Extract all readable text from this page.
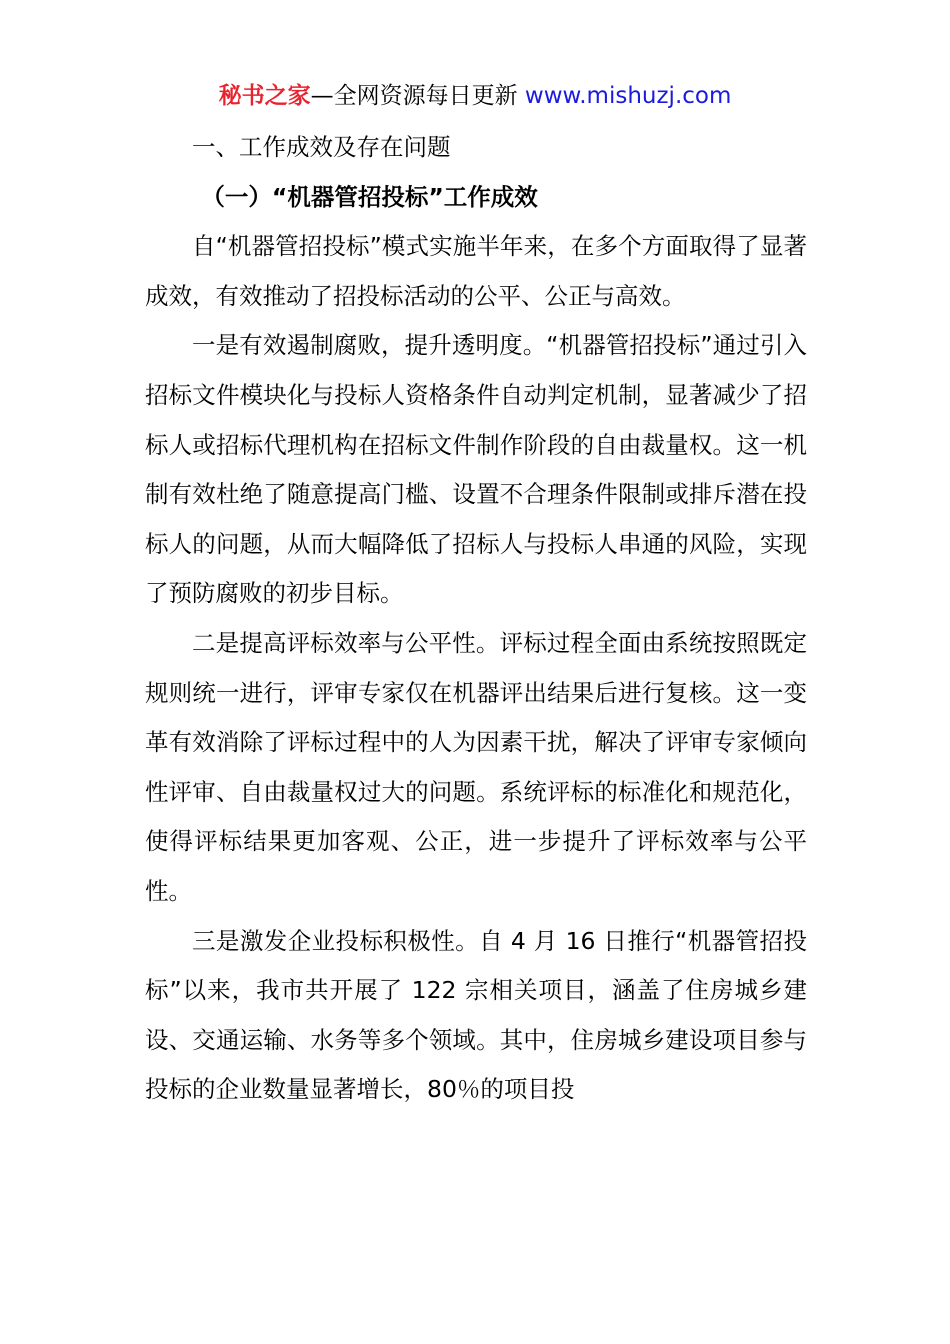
秘书之家—全网资源每日更新 www.mishuzj.com

一、工作成效及存在问题

（一）“机器管招投标”工作成效

自“机器管招投标”模式实施半年来，在多个方面取得了显著成效，有效推动了招投标活动的公平、公正与高效。

一是有效遏制腐败，提升透明度。“机器管招投标”通过引入招标文件模块化与投标人资格条件自动判定机制，显著减少了招标人或招标代理机构在招标文件制作阶段的自由裁量权。这一机制有效杜绝了随意提高门槛、设置不合理条件限制或排斥潜在投标人的问题，从而大幅降低了招标人与投标人串通的风险，实现了预防腐败的初步目标。

二是提高评标效率与公平性。评标过程全面由系统按照既定规则统一进行，评审专家仅在机器评出结果后进行复核。这一变革有效消除了评标过程中的人为因素干扰，解决了评审专家倾向性评审、自由裁量权过大的问题。系统评标的标准化和规范化，使得评标结果更加客观、公正，进一步提升了评标效率与公平性。

三是激发企业投标积极性。自 4 月 16 日推行“机器管招投标”以来，我市共开展了 122 宗相关项目，涵盖了住房城乡建设、交通运输、水务等多个领域。其中，住房城乡建设项目参与投标的企业数量显著增长，80％的项目投
